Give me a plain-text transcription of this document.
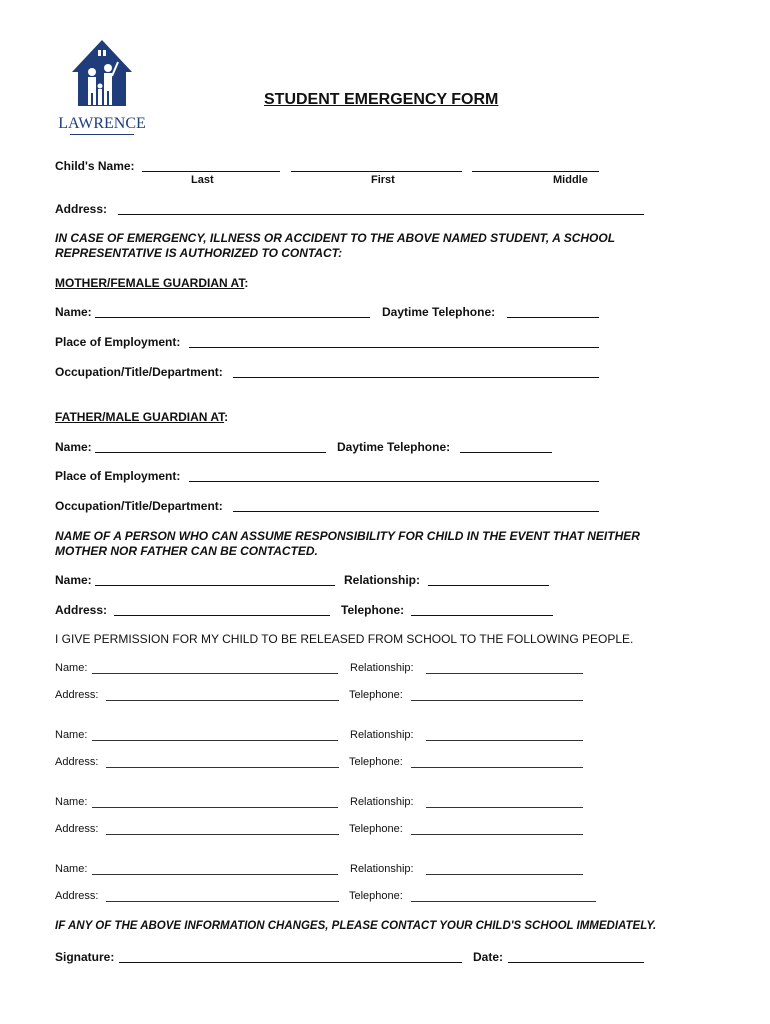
LAWRENCE
STUDENT EMERGENCY FORM
Child's Name:
Last	First	Middle
Address:
IN CASE OF EMERGENCY, ILLNESS OR ACCIDENT TO THE ABOVE NAMED STUDENT, A SCHOOL REPRESENTATIVE IS AUTHORIZED TO CONTACT:
MOTHER/FEMALE GUARDIAN AT:
Name:	Daytime Telephone:
Place of Employment:
Occupation/Title/Department:
FATHER/MALE GUARDIAN AT:
Name:	Daytime Telephone:
Place of Employment:
Occupation/Title/Department:
NAME OF A PERSON WHO CAN ASSUME RESPONSIBILITY FOR CHILD IN THE EVENT THAT NEITHER MOTHER NOR FATHER CAN BE CONTACTED.
Name:	Relationship:
Address:	Telephone:
I GIVE PERMISSION FOR MY CHILD TO BE RELEASED FROM SCHOOL TO THE FOLLOWING PEOPLE.
Name:	Relationship:
Address:	Telephone:
Name:	Relationship:
Address:	Telephone:
Name:	Relationship:
Address:	Telephone:
Name:	Relationship:
Address:	Telephone:
IF ANY OF THE ABOVE INFORMATION CHANGES, PLEASE CONTACT YOUR CHILD'S SCHOOL IMMEDIATELY.
Signature:	Date:
